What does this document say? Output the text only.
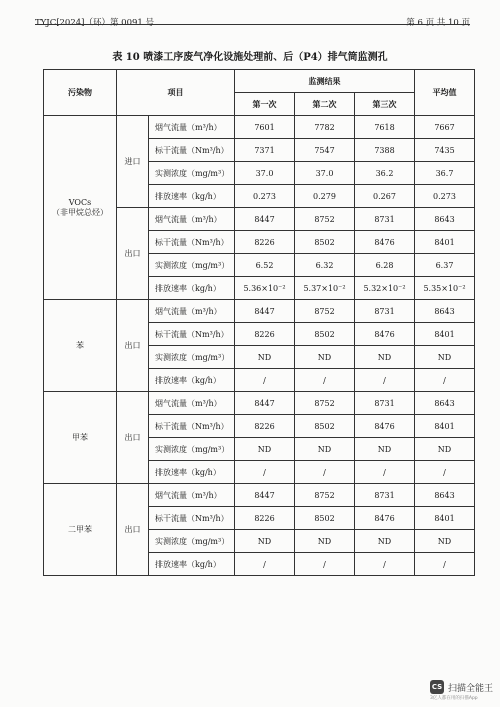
TYJC[2024]（环）第 0091 号	第 6 页 共 10 页
表 10 喷漆工序废气净化设施处理前、后（P4）排气筒监测孔
污染物	项目		监测结果			平均值
			第一次	第二次	第三次	

VOCs
（非甲烷总烃）	进口	烟气流量（m³/h）	7601	7782	7618	7667
		标干流量（Nm³/h）	7371	7547	7388	7435
		实测浓度（mg/m³）	37.0	37.0	36.2	36.7
		排放速率（kg/h）	0.273	0.279	0.267	0.273
	出口	烟气流量（m³/h）	8447	8752	8731	8643
		标干流量（Nm³/h）	8226	8502	8476	8401
		实测浓度（mg/m³）	6.52	6.32	6.28	6.37
		排放速率（kg/h）	5.36×10⁻²	5.37×10⁻²	5.32×10⁻²	5.35×10⁻²

苯	出口	烟气流量（m³/h）	8447	8752	8731	8643
		标干流量（Nm³/h）	8226	8502	8476	8401
		实测浓度（mg/m³）	ND	ND	ND	ND
		排放速率（kg/h）	/	/	/	/

甲苯	出口	烟气流量（m³/h）	8447	8752	8731	8643
		标干流量（Nm³/h）	8226	8502	8476	8401
		实测浓度（mg/m³）	ND	ND	ND	ND
		排放速率（kg/h）	/	/	/	/

二甲苯	出口	烟气流量（m³/h）	8447	8752	8731	8643
		标干流量（Nm³/h）	8226	8502	8476	8401
		实测浓度（mg/m³）	ND	ND	ND	ND
		排放速率（kg/h）	/	/	/	/
CS 扫描全能王
3亿人都在用的扫描App
